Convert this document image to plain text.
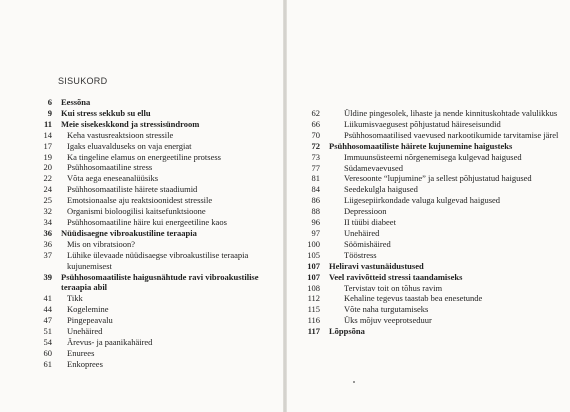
SISUKORD
6	Eessõna
9	Kui stress sekkub su ellu
11	Meie sisekeskkond ja stressisündroom
14	Keha vastusreaktsioon stressile
17	Igaks eluavalduseks on vaja energiat
19	Ka tingeline elamus on energeetiline protsess
20	Psühhosomaatiline stress
22	Võta aega eneseanalüüsiks
24	Psühhosomaatiliste häirete staadiumid
25	Emotsionaalse aju reaktsioonidest stressile
32	Organismi bioloogilisi kaitsefunktsioone
34	Psühhosomaatiline häire kui energeetiline kaos
36	Nüüdisaegne vibroakustiline teraapia
36	Mis on vibratsioon?
37	Lühike ülevaade nüüdisaegse vibroakustilise teraapia kujunemisest
39	Psühhosomaatiliste haigusnähtude ravi vibroakustilise teraapia abil
41	Tikk
44	Kogelemine
47	Pingepeavalu
51	Unehäired
54	Ärevus- ja paanikahäired
60	Enurees
61	Enkoprees
62	Üldine pingesolek, lihaste ja nende kinnituskohtade valulikkus
66	Liikumisvaegusest põhjustatud häireseisundid
70	Psühhosomaatilised vaevused narkootikumide tarvitamise järel
72	Psühhosomaatiliste häirete kujunemine haigusteks
73	Immuunsüsteemi nõrgenemisega kulgevad haigused
77	Südamevaevused
81	Veresoonte “lupjumine” ja sellest põhjustatud haigused
84	Seedekulgla haigused
86	Liigesepiirkondade valuga kulgevad haigused
88	Depressioon
96	II tüübi diabeet
97	Unehäired
100	Söömishäired
105	Tööstress
107	Heliravi vastunäidustused
107	Veel ravivõtteid stressi taandamiseks
108	Tervistav toit on tõhus ravim
112	Kehaline tegevus taastab bea enesetunde
115	Võte naha turgutamiseks
116	Üks mõjuv veeprotseduur
117	Lõppsõna
